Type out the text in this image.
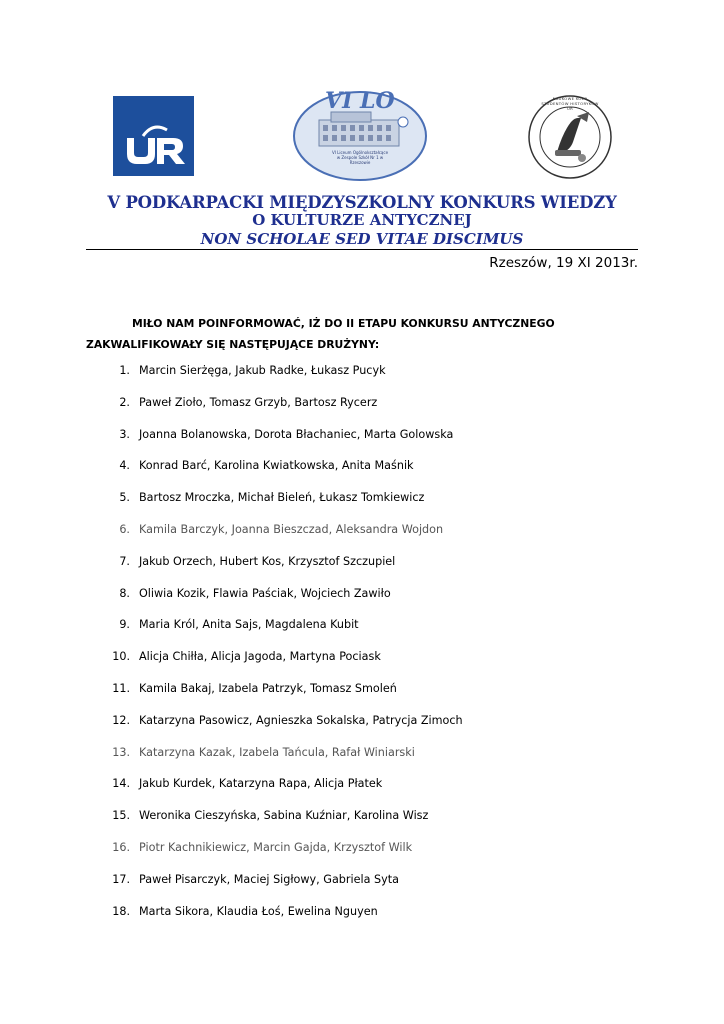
VI LO
VI Liceum Ogólnokształcące w Zespole Szkół Nr 1 w Rzeszowie
NAUKOWE KOŁO STUDENTÓW HISTORYKÓW UR
V PODKARPACKI MIĘDZYSZKOLNY KONKURS WIEDZY
O KULTURZE ANTYCZNEJ
NON SCHOLAE SED VITAE DISCIMUS
Rzeszów, 19 XI 2013r.
MIŁO NAM POINFORMOWAĆ, IŻ DO II ETAPU KONKURSU ANTYCZNEGO
ZAKWALIFIKOWAŁY SIĘ NASTĘPUJĄCE DRUŻYNY:
1. Marcin Sierżęga, Jakub Radke, Łukasz Pucyk
2. Paweł Zioło, Tomasz Grzyb, Bartosz Rycerz
3. Joanna Bolanowska, Dorota Błachaniec, Marta Golowska
4. Konrad Barć, Karolina Kwiatkowska, Anita Maśnik
5. Bartosz Mroczka, Michał Bieleń, Łukasz Tomkiewicz
6. Kamila Barczyk, Joanna Bieszczad, Aleksandra Wojdon
7. Jakub Orzech, Hubert Kos, Krzysztof Szczupiel
8. Oliwia Kozik, Flawia Paściak, Wojciech Zawiło
9. Maria Król, Anita Sajs, Magdalena Kubit
10. Alicja Chiłła, Alicja Jagoda, Martyna Pociask
11. Kamila Bakaj, Izabela Patrzyk, Tomasz Smoleń
12. Katarzyna Pasowicz, Agnieszka Sokalska, Patrycja Zimoch
13. Katarzyna Kazak, Izabela Tańcula, Rafał Winiarski
14. Jakub Kurdek, Katarzyna Rapa, Alicja Płatek
15. Weronika Cieszyńska, Sabina Kuźniar, Karolina Wisz
16. Piotr Kachnikiewicz, Marcin Gajda, Krzysztof Wilk
17. Paweł Pisarczyk, Maciej Sigłowy, Gabriela Syta
18. Marta Sikora, Klaudia Łoś, Ewelina Nguyen
